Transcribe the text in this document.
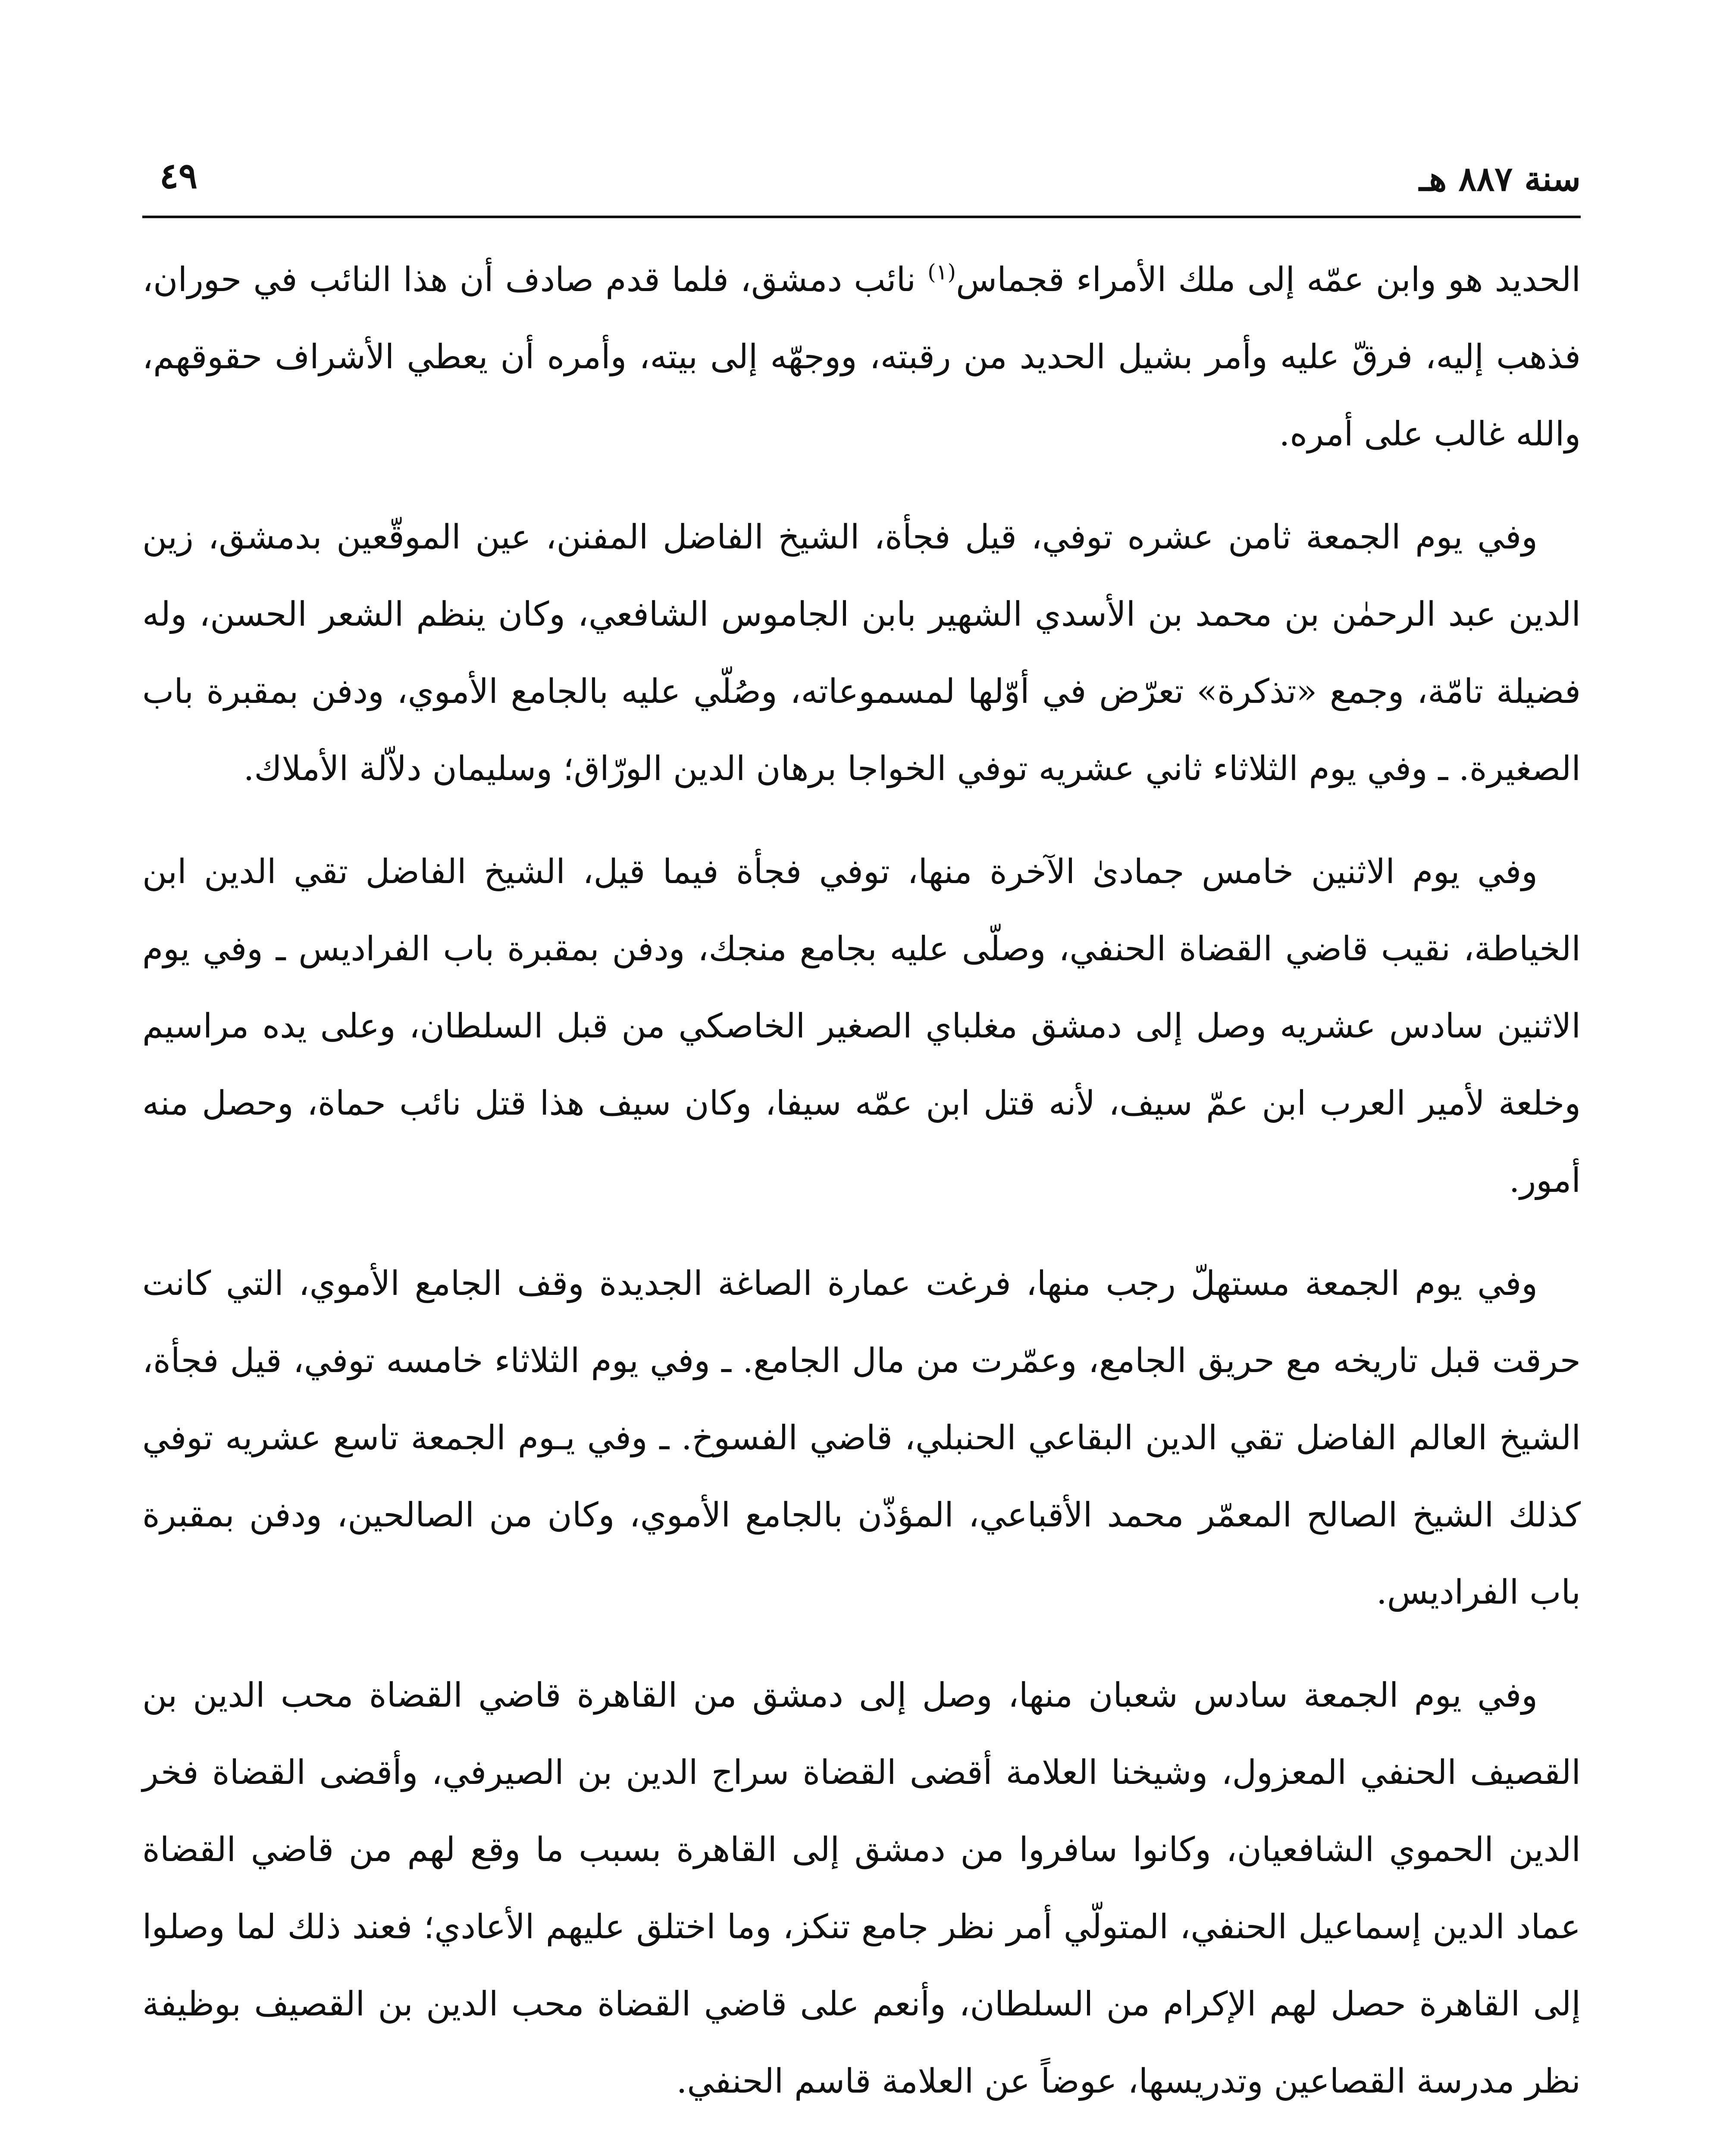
سنة ٨٨٧ هـ
٤٩

الحديد هو وابن عمّه إلى ملك الأمراء قجماس$^{(١)}$ نائب دمشق، فلما قدم صادف أن هذا النائب في حوران، فذهب إليه، فرقّ عليه وأمر بشيل الحديد من رقبته، ووجهّه إلى بيته، وأمره أن يعطي الأشراف حقوقهم، والله غالب على أمره.

وفي يوم الجمعة ثامن عشره توفي، قيل فجأة، الشيخ الفاضل المفنن، عين الموقّعين بدمشق، زين الدين عبد الرحمٰن بن محمد بن الأسدي الشهير بابن الجاموس الشافعي، وكان ينظم الشعر الحسن، وله فضيلة تامّة، وجمع «تذكرة» تعرّض في أوّلها لمسموعاته، وصُلّي عليه بالجامع الأموي، ودفن بمقبرة باب الصغيرة. ـ وفي يوم الثلاثاء ثاني عشريه توفي الخواجا برهان الدين الورّاق؛ وسليمان دلاّلة الأملاك.

وفي يوم الاثنين خامس جمادىٰ الآخرة منها، توفي فجأة فيما قيل، الشيخ الفاضل تقي الدين ابن الخياطة، نقيب قاضي القضاة الحنفي، وصلّى عليه بجامع منجك، ودفن بمقبرة باب الفراديس ـ وفي يوم الاثنين سادس عشريه وصل إلى دمشق مغلباي الصغير الخاصكي من قبل السلطان، وعلى يده مراسيم وخلعة لأمير العرب ابن عمّ سيف، لأنه قتل ابن عمّه سيفا، وكان سيف هذا قتل نائب حماة، وحصل منه أمور.

وفي يوم الجمعة مستهلّ رجب منها، فرغت عمارة الصاغة الجديدة وقف الجامع الأموي، التي كانت حرقت قبل تاريخه مع حريق الجامع، وعمّرت من مال الجامع. ـ وفي يوم الثلاثاء خامسه توفي، قيل فجأة، الشيخ العالم الفاضل تقي الدين البقاعي الحنبلي، قاضي الفسوخ. ـ وفي يـوم الجمعة تاسع عشريه توفي كذلك الشيخ الصالح المعمّر محمد الأقباعي، المؤذّن بالجامع الأموي، وكان من الصالحين، ودفن بمقبرة باب الفراديس.

وفي يوم الجمعة سادس شعبان منها، وصل إلى دمشق من القاهرة قاضي القضاة محب الدين بن القصيف الحنفي المعزول، وشيخنا العلامة أقضى القضاة سراج الدين بن الصيرفي، وأقضى القضاة فخر الدين الحموي الشافعيان، وكانوا سافروا من دمشق إلى القاهرة بسبب ما وقع لهم من قاضي القضاة عماد الدين إسماعيل الحنفي، المتولّي أمر نظر جامع تنكز، وما اختلق عليهم الأعادي؛ فعند ذلك لما وصلوا إلى القاهرة حصل لهم الإكرام من السلطان، وأنعم على قاضي القضاة محب الدين بن القصيف بوظيفة نظر مدرسة القصاعين وتدريسها، عوضاً عن العلامة قاسم الحنفي.
